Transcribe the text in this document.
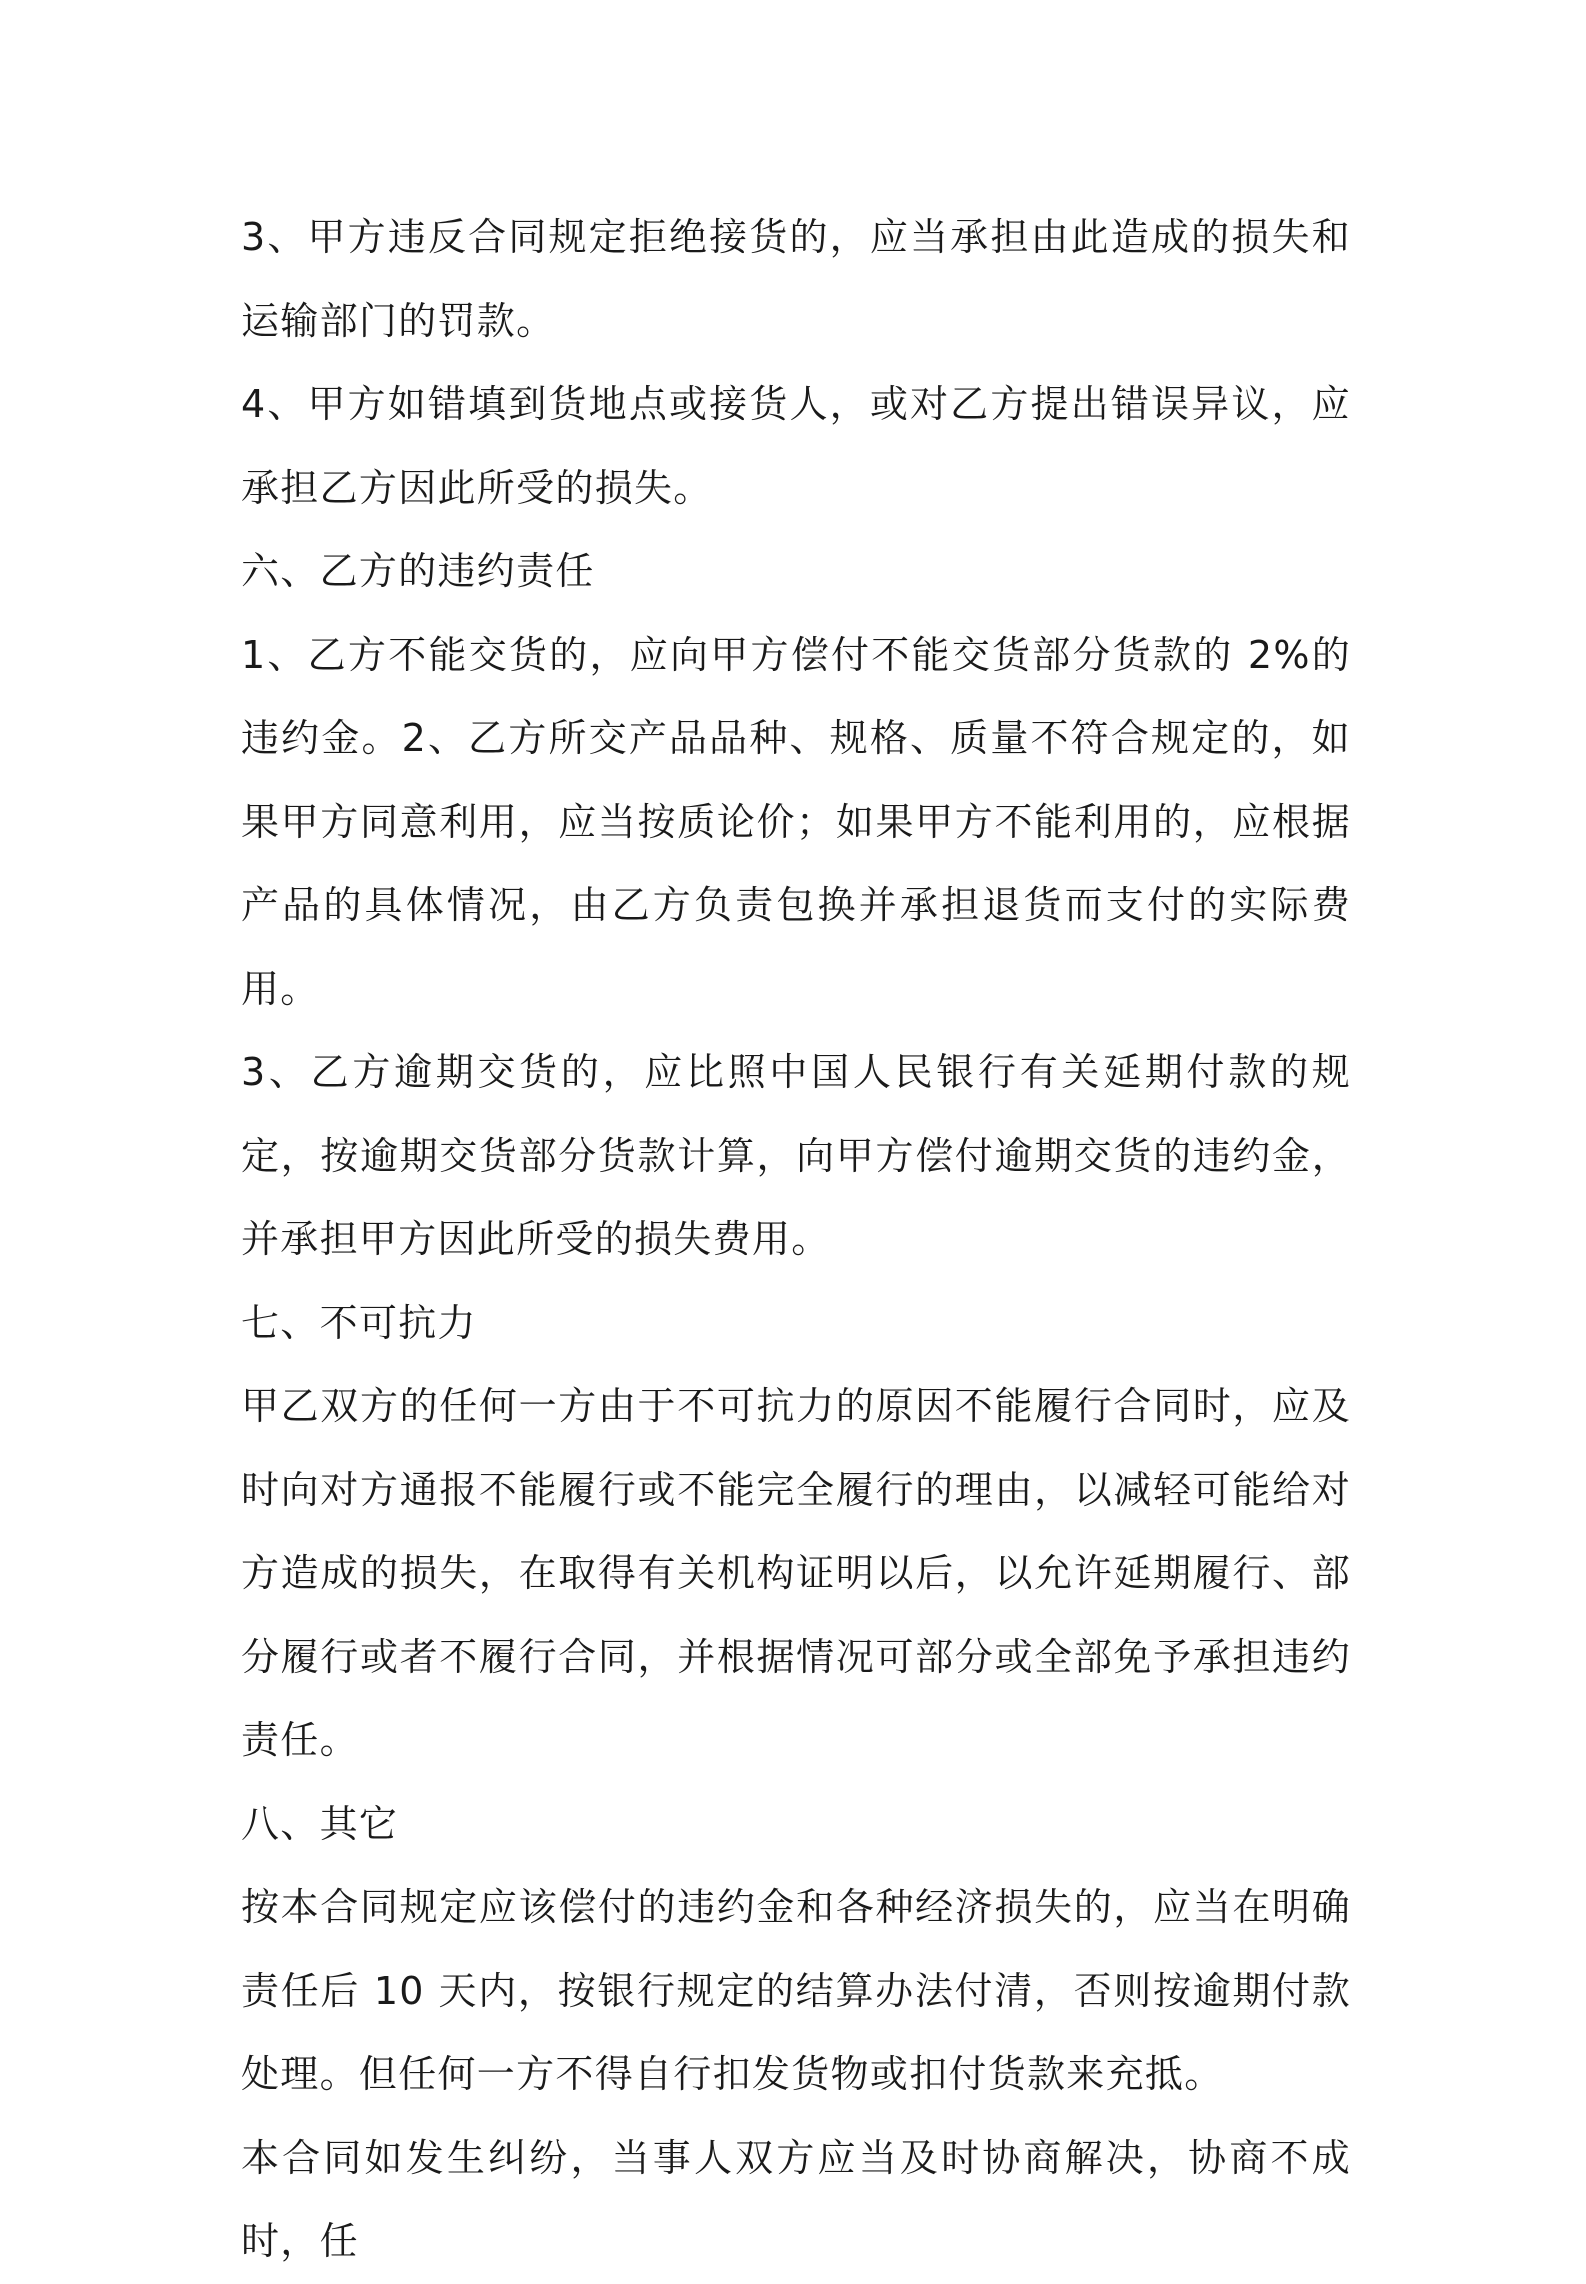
3、甲方违反合同规定拒绝接货的，应当承担由此造成的损失和运输部门的罚款。

4、甲方如错填到货地点或接货人，或对乙方提出错误异议，应承担乙方因此所受的损失。

六、乙方的违约责任

1、乙方不能交货的，应向甲方偿付不能交货部分货款的 2%的违约金。2、乙方所交产品品种、规格、质量不符合规定的，如果甲方同意利用，应当按质论价；如果甲方不能利用的，应根据产品的具体情况，由乙方负责包换并承担退货而支付的实际费用。

3、乙方逾期交货的，应比照中国人民银行有关延期付款的规定，按逾期交货部分货款计算，向甲方偿付逾期交货的违约金，并承担甲方因此所受的损失费用。

七、不可抗力

甲乙双方的任何一方由于不可抗力的原因不能履行合同时，应及时向对方通报不能履行或不能完全履行的理由，以减轻可能给对方造成的损失，在取得有关机构证明以后，以允许延期履行、部分履行或者不履行合同，并根据情况可部分或全部免予承担违约责任。

八、其它

按本合同规定应该偿付的违约金和各种经济损失的，应当在明确责任后 10 天内，按银行规定的结算办法付清，否则按逾期付款处理。但任何一方不得自行扣发货物或扣付货款来充抵。

本合同如发生纠纷，当事人双方应当及时协商解决，协商不成时，任
